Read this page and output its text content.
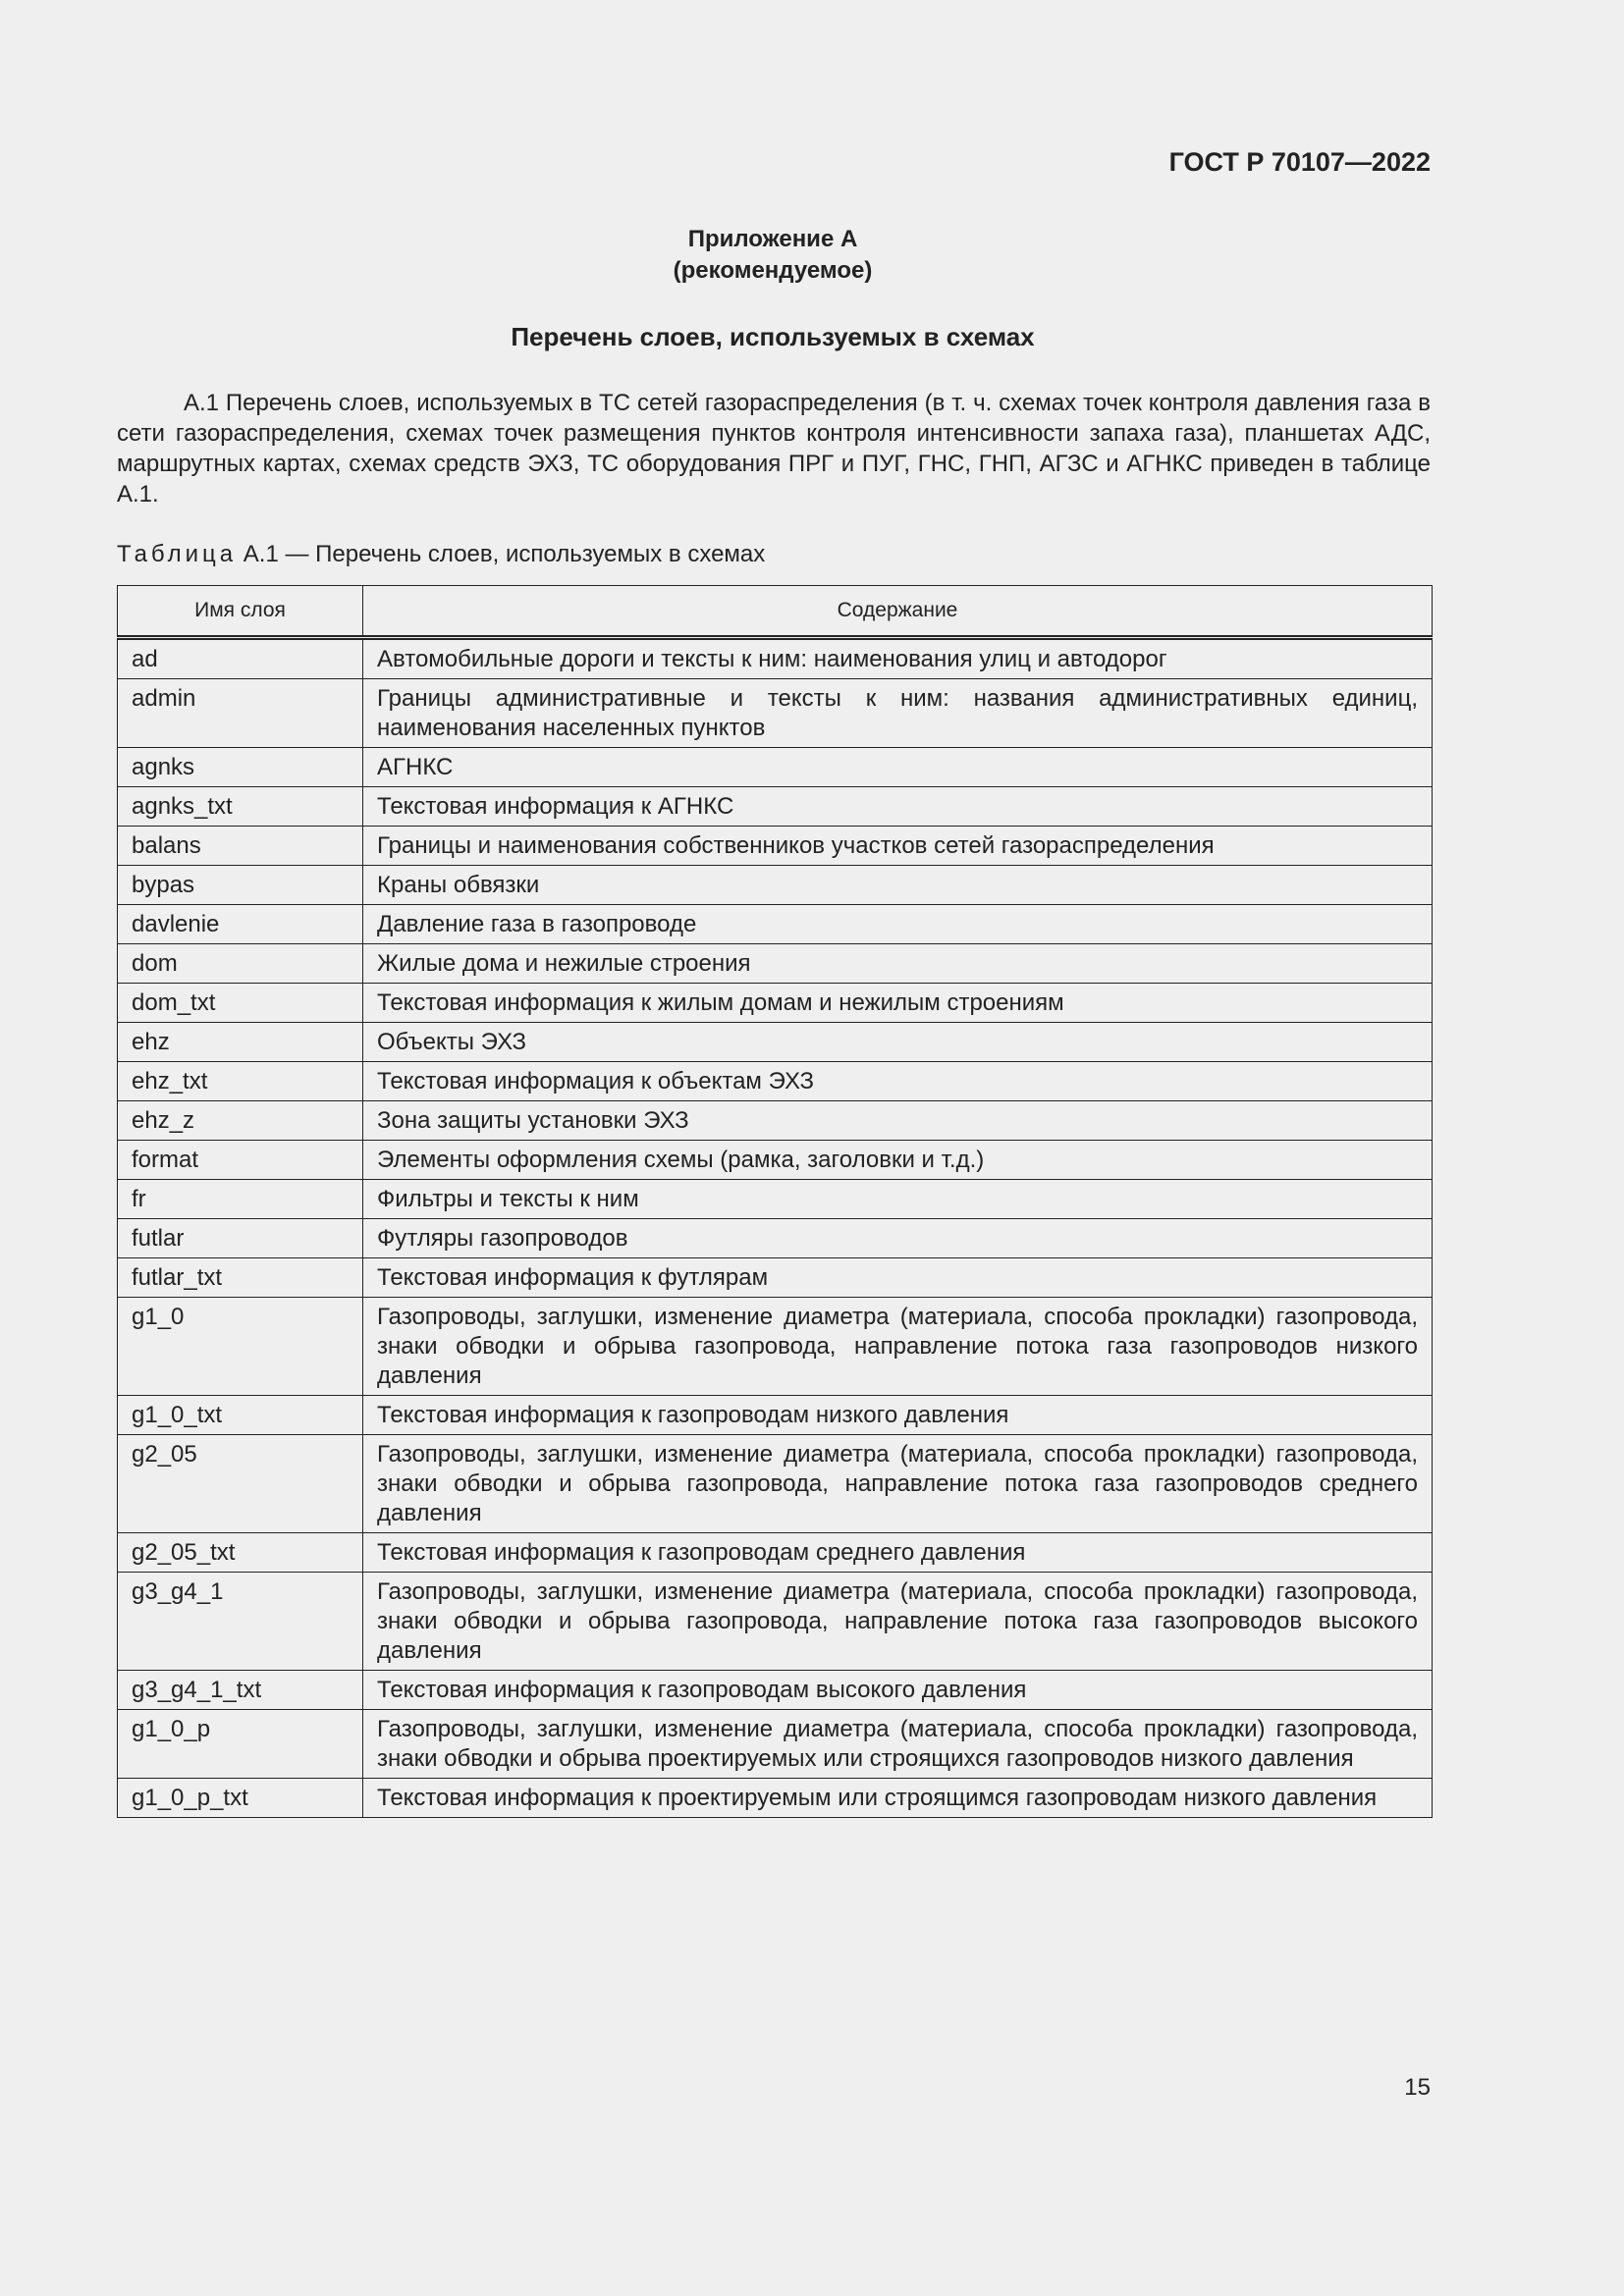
ГОСТ Р 70107—2022

Приложение А
(рекомендуемое)
Перечень слоев, используемых в схемах

А.1 Перечень слоев, используемых в ТС сетей газораспределения (в т. ч. схемах точек контроля давления газа в сети газораспределения, схемах точек размещения пунктов контроля интенсивности запаха газа), планшетах АДС, маршрутных картах, схемах средств ЭХЗ, ТС оборудования ПРГ и ПУГ, ГНС, ГНП, АГЗС и АГНКС приведен в таблице А.1.

Таблица А.1 — Перечень слоев, используемых в схемах

Имя слоя	Содержание
ad	Автомобильные дороги и тексты к ним: наименования улиц и автодорог
admin	Границы административные и тексты к ним: названия административных единиц, наименования населенных пунктов
agnks	АГНКС
agnks_txt	Текстовая информация к АГНКС
balans	Границы и наименования собственников участков сетей газораспределения
bypas	Краны обвязки
davlenie	Давление газа в газопроводе
dom	Жилые дома и нежилые строения
dom_txt	Текстовая информация к жилым домам и нежилым строениям
ehz	Объекты ЭХЗ
ehz_txt	Текстовая информация к объектам ЭХЗ
ehz_z	Зона защиты установки ЭХЗ
format	Элементы оформления схемы (рамка, заголовки и т.д.)
fr	Фильтры и тексты к ним
futlar	Футляры газопроводов
futlar_txt	Текстовая информация к футлярам
g1_0	Газопроводы, заглушки, изменение диаметра (материала, способа прокладки) газопровода, знаки обводки и обрыва газопровода, направление потока газа газопроводов низкого давления
g1_0_txt	Текстовая информация к газопроводам низкого давления
g2_05	Газопроводы, заглушки, изменение диаметра (материала, способа прокладки) газопровода, знаки обводки и обрыва газопровода, направление потока газа газопроводов среднего давления
g2_05_txt	Текстовая информация к газопроводам среднего давления
g3_g4_1	Газопроводы, заглушки, изменение диаметра (материала, способа прокладки) газопровода, знаки обводки и обрыва газопровода, направление потока газа газопроводов высокого давления
g3_g4_1_txt	Текстовая информация к газопроводам высокого давления
g1_0_p	Газопроводы, заглушки, изменение диаметра (материала, способа прокладки) газопровода, знаки обводки и обрыва проектируемых или строящихся газопроводов низкого давления
g1_0_p_txt	Текстовая информация к проектируемым или строящимся газопроводам низкого давления

15
